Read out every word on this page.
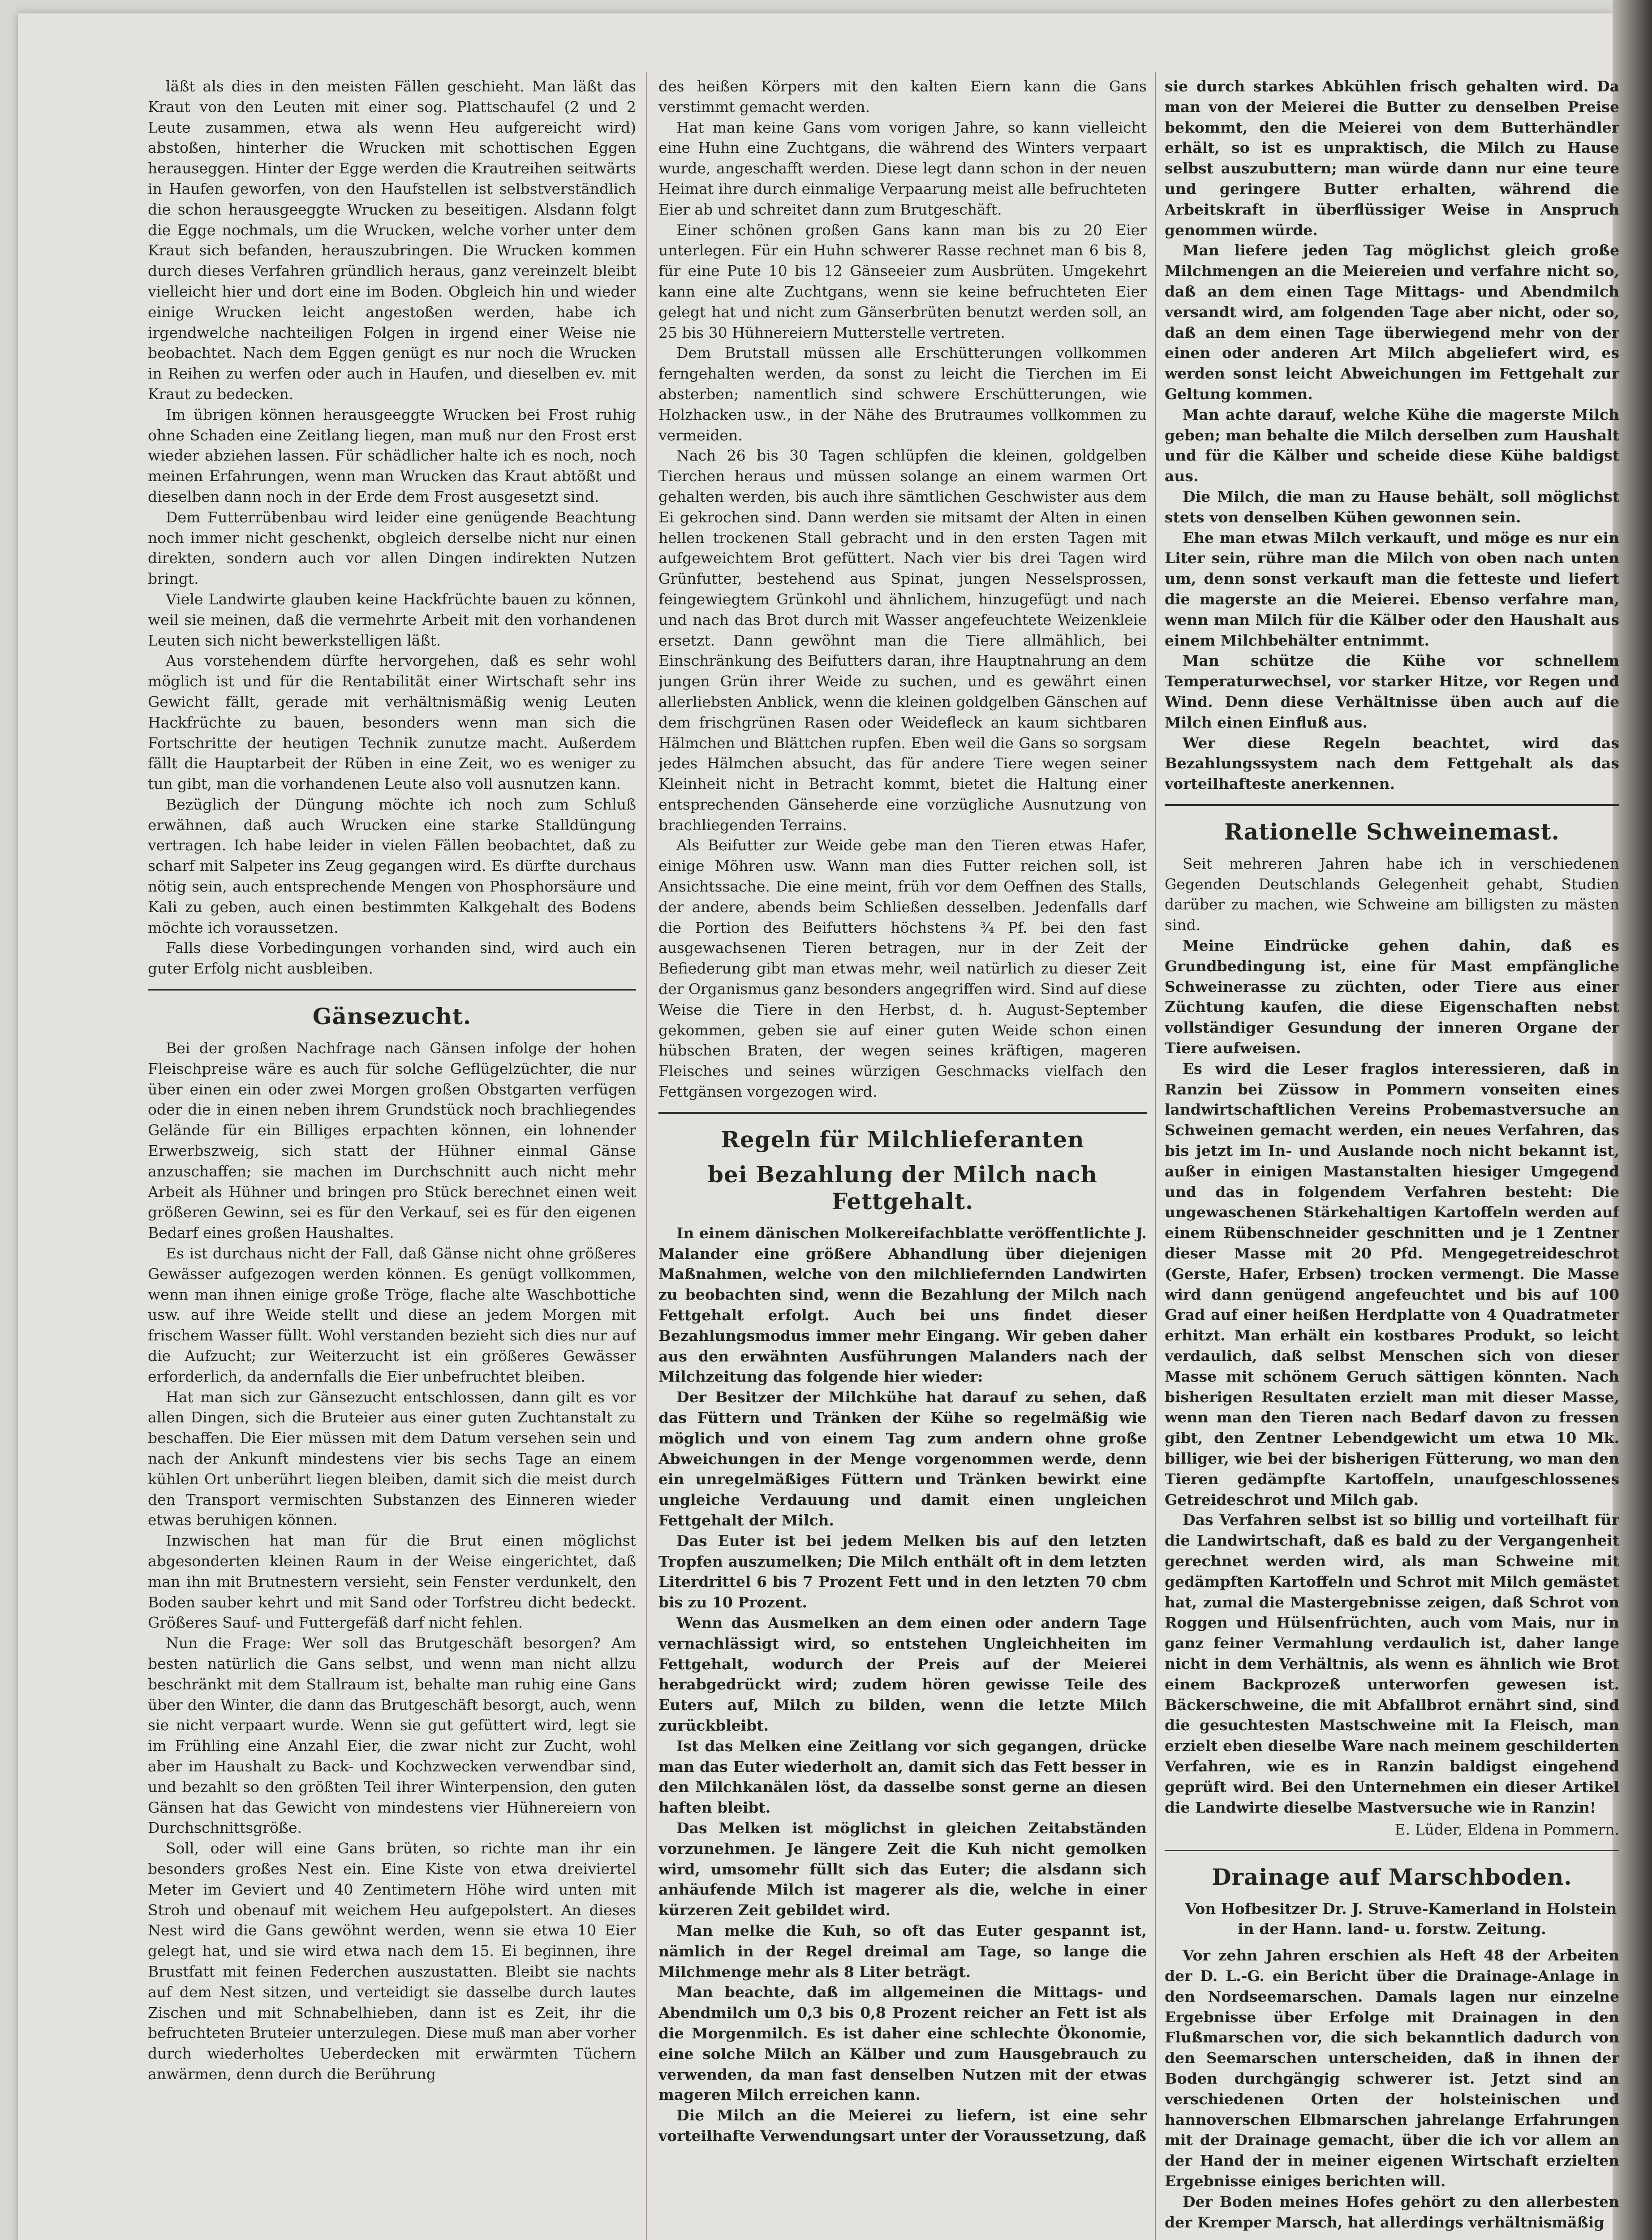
läßt als dies in den meisten Fällen geschieht. Man läßt das Kraut von den Leuten mit einer sog. Plattschaufel (2 und 2 Leute zusammen, etwa als wenn Heu aufgereicht wird) abstoßen, hinterher die Wrucken mit schottischen Eggen herauseggen. Hinter der Egge werden die Krautreihen seitwärts in Haufen geworfen, von den Haufstellen ist selbstverständlich die schon herausgeeggte Wrucken zu beseitigen. Alsdann folgt die Egge nochmals, um die Wrucken, welche vorher unter dem Kraut sich befanden, herauszubringen. Die Wrucken kommen durch dieses Verfahren gründlich heraus, ganz vereinzelt bleibt vielleicht hier und dort eine im Boden. Obgleich hin und wieder einige Wrucken leicht angestoßen werden, habe ich irgendwelche nachteiligen Folgen in irgend einer Weise nie beobachtet. Nach dem Eggen genügt es nur noch die Wrucken in Reihen zu werfen oder auch in Haufen, und dieselben ev. mit Kraut zu bedecken.

Im übrigen können herausgeeggte Wrucken bei Frost ruhig ohne Schaden eine Zeitlang liegen, man muß nur den Frost erst wieder abziehen lassen. Für schädlicher halte ich es noch, noch meinen Erfahrungen, wenn man Wrucken das Kraut abtößt und dieselben dann noch in der Erde dem Frost ausgesetzt sind.

Dem Futterrübenbau wird leider eine genügende Beachtung noch immer nicht geschenkt, obgleich derselbe nicht nur einen direkten, sondern auch vor allen Dingen indirekten Nutzen bringt.

Viele Landwirte glauben keine Hackfrüchte bauen zu können, weil sie meinen, daß die vermehrte Arbeit mit den vorhandenen Leuten sich nicht bewerkstelligen läßt.

Aus vorstehendem dürfte hervorgehen, daß es sehr wohl möglich ist und für die Rentabilität einer Wirtschaft sehr ins Gewicht fällt, gerade mit verhältnismäßig wenig Leuten Hackfrüchte zu bauen, besonders wenn man sich die Fortschritte der heutigen Technik zunutze macht. Außerdem fällt die Hauptarbeit der Rüben in eine Zeit, wo es weniger zu tun gibt, man die vorhandenen Leute also voll ausnutzen kann.

Bezüglich der Düngung möchte ich noch zum Schluß erwähnen, daß auch Wrucken eine starke Stalldüngung vertragen. Ich habe leider in vielen Fällen beobachtet, daß zu scharf mit Salpeter ins Zeug gegangen wird. Es dürfte durchaus nötig sein, auch entsprechende Mengen von Phosphorsäure und Kali zu geben, auch einen bestimmten Kalkgehalt des Bodens möchte ich voraussetzen.

Falls diese Vorbedingungen vorhanden sind, wird auch ein guter Erfolg nicht ausbleiben.

Gänsezucht.

Bei der großen Nachfrage nach Gänsen infolge der hohen Fleischpreise wäre es auch für solche Geflügelzüchter, die nur über einen ein oder zwei Morgen großen Obstgarten verfügen oder die in einen neben ihrem Grundstück noch brachliegendes Gelände für ein Billiges erpachten können, ein lohnender Erwerbszweig, sich statt der Hühner einmal Gänse anzuschaffen; sie machen im Durchschnitt auch nicht mehr Arbeit als Hühner und bringen pro Stück berechnet einen weit größeren Gewinn, sei es für den Verkauf, sei es für den eigenen Bedarf eines großen Haushaltes.

Es ist durchaus nicht der Fall, daß Gänse nicht ohne größeres Gewässer aufgezogen werden können. Es genügt vollkommen, wenn man ihnen einige große Tröge, flache alte Waschbottiche usw. auf ihre Weide stellt und diese an jedem Morgen mit frischem Wasser füllt. Wohl verstanden bezieht sich dies nur auf die Aufzucht; zur Weiterzucht ist ein größeres Gewässer erforderlich, da andernfalls die Eier unbefruchtet bleiben.

Hat man sich zur Gänsezucht entschlossen, dann gilt es vor allen Dingen, sich die Bruteier aus einer guten Zuchtanstalt zu beschaffen. Die Eier müssen mit dem Datum versehen sein und nach der Ankunft mindestens vier bis sechs Tage an einem kühlen Ort unberührt liegen bleiben, damit sich die meist durch den Transport vermischten Substanzen des Einneren wieder etwas beruhigen können.

Inzwischen hat man für die Brut einen möglichst abgesonderten kleinen Raum in der Weise eingerichtet, daß man ihn mit Brutnestern versieht, sein Fenster verdunkelt, den Boden sauber kehrt und mit Sand oder Torfstreu dicht bedeckt. Größeres Sauf- und Futtergefäß darf nicht fehlen.

Nun die Frage: Wer soll das Brutgeschäft besorgen? Am besten natürlich die Gans selbst, und wenn man nicht allzu beschränkt mit dem Stallraum ist, behalte man ruhig eine Gans über den Winter, die dann das Brutgeschäft besorgt, auch, wenn sie nicht verpaart wurde. Wenn sie gut gefüttert wird, legt sie im Frühling eine Anzahl Eier, die zwar nicht zur Zucht, wohl aber im Haushalt zu Back- und Kochzwecken verwendbar sind, und bezahlt so den größten Teil ihrer Winterpension, den guten Gänsen hat das Gewicht von mindestens vier Hühnereiern von Durchschnittsgröße.

Soll, oder will eine Gans brüten, so richte man ihr ein besonders großes Nest ein. Eine Kiste von etwa dreiviertel Meter im Geviert und 40 Zentimetern Höhe wird unten mit Stroh und obenauf mit weichem Heu aufgepolstert. An dieses Nest wird die Gans gewöhnt werden, wenn sie etwa 10 Eier gelegt hat, und sie wird etwa nach dem 15. Ei beginnen, ihre Brustfatt mit feinen Federchen auszustatten. Bleibt sie nachts auf dem Nest sitzen, und verteidigt sie dasselbe durch lautes Zischen und mit Schnabelhieben, dann ist es Zeit, ihr die befruchteten Bruteier unterzulegen. Diese muß man aber vorher durch wiederholtes Ueberdecken mit erwärmten Tüchern anwärmen, denn durch die Berührung

des heißen Körpers mit den kalten Eiern kann die Gans verstimmt gemacht werden.

Hat man keine Gans vom vorigen Jahre, so kann vielleicht eine Huhn eine Zuchtgans, die während des Winters verpaart wurde, angeschafft werden. Diese legt dann schon in der neuen Heimat ihre durch einmalige Verpaarung meist alle befruchteten Eier ab und schreitet dann zum Brutgeschäft.

Einer schönen großen Gans kann man bis zu 20 Eier unterlegen. Für ein Huhn schwerer Rasse rechnet man 6 bis 8, für eine Pute 10 bis 12 Gänseeier zum Ausbrüten. Umgekehrt kann eine alte Zuchtgans, wenn sie keine befruchteten Eier gelegt hat und nicht zum Gänserbrüten benutzt werden soll, an 25 bis 30 Hühnereiern Mutterstelle vertreten.

Dem Brutstall müssen alle Erschütterungen vollkommen ferngehalten werden, da sonst zu leicht die Tierchen im Ei absterben; namentlich sind schwere Erschütterungen, wie Holzhacken usw., in der Nähe des Brutraumes vollkommen zu vermeiden.

Nach 26 bis 30 Tagen schlüpfen die kleinen, goldgelben Tierchen heraus und müssen solange an einem warmen Ort gehalten werden, bis auch ihre sämtlichen Geschwister aus dem Ei gekrochen sind. Dann werden sie mitsamt der Alten in einen hellen trockenen Stall gebracht und in den ersten Tagen mit aufgeweichtem Brot gefüttert. Nach vier bis drei Tagen wird Grünfutter, bestehend aus Spinat, jungen Nesselsprossen, feingewiegtem Grünkohl und ähnlichem, hinzugefügt und nach und nach das Brot durch mit Wasser angefeuchtete Weizenkleie ersetzt. Dann gewöhnt man die Tiere allmählich, bei Einschränkung des Beifutters daran, ihre Hauptnahrung an dem jungen Grün ihrer Weide zu suchen, und es gewährt einen allerliebsten Anblick, wenn die kleinen goldgelben Gänschen auf dem frischgrünen Rasen oder Weidefleck an kaum sichtbaren Hälmchen und Blättchen rupfen. Eben weil die Gans so sorgsam jedes Hälmchen absucht, das für andere Tiere wegen seiner Kleinheit nicht in Betracht kommt, bietet die Haltung einer entsprechenden Gänseherde eine vorzügliche Ausnutzung von brachliegenden Terrains.

Als Beifutter zur Weide gebe man den Tieren etwas Hafer, einige Möhren usw. Wann man dies Futter reichen soll, ist Ansichtssache. Die eine meint, früh vor dem Oeffnen des Stalls, der andere, abends beim Schließen desselben. Jedenfalls darf die Portion des Beifutters höchstens ¾ Pf. bei den fast ausgewachsenen Tieren betragen, nur in der Zeit der Befiederung gibt man etwas mehr, weil natürlich zu dieser Zeit der Organismus ganz besonders angegriffen wird. Sind auf diese Weise die Tiere in den Herbst, d. h. August-September gekommen, geben sie auf einer guten Weide schon einen hübschen Braten, der wegen seines kräftigen, mageren Fleisches und seines würzigen Geschmacks vielfach den Fettgänsen vorgezogen wird.

Regeln für Milchlieferanten
bei Bezahlung der Milch nach Fettgehalt.

In einem dänischen Molkereifachblatte veröffentlichte J. Malander eine größere Abhandlung über diejenigen Maßnahmen, welche von den milchliefernden Landwirten zu beobachten sind, wenn die Bezahlung der Milch nach Fettgehalt erfolgt. Auch bei uns findet dieser Bezahlungsmodus immer mehr Eingang. Wir geben daher aus den erwähnten Ausführungen Malanders nach der Milchzeitung das folgende hier wieder:

Der Besitzer der Milchkühe hat darauf zu sehen, daß das Füttern und Tränken der Kühe so regelmäßig wie möglich und von einem Tag zum andern ohne große Abweichungen in der Menge vorgenommen werde, denn ein unregelmäßiges Füttern und Tränken bewirkt eine ungleiche Verdauung und damit einen ungleichen Fettgehalt der Milch.

Das Euter ist bei jedem Melken bis auf den letzten Tropfen auszumelken; Die Milch enthält oft in dem letzten Literdrittel 6 bis 7 Prozent Fett und in den letzten 70 cbm bis zu 10 Prozent.

Wenn das Ausmelken an dem einen oder andern Tage vernachlässigt wird, so entstehen Ungleichheiten im Fettgehalt, wodurch der Preis auf der Meierei herabgedrückt wird; zudem hören gewisse Teile des Euters auf, Milch zu bilden, wenn die letzte Milch zurückbleibt.

Ist das Melken eine Zeitlang vor sich gegangen, drücke man das Euter wiederholt an, damit sich das Fett besser in den Milchkanälen löst, da dasselbe sonst gerne an diesen haften bleibt.

Das Melken ist möglichst in gleichen Zeitabständen vorzunehmen. Je längere Zeit die Kuh nicht gemolken wird, umsomehr füllt sich das Euter; die alsdann sich anhäufende Milch ist magerer als die, welche in einer kürzeren Zeit gebildet wird.

Man melke die Kuh, so oft das Euter gespannt ist, nämlich in der Regel dreimal am Tage, so lange die Milchmenge mehr als 8 Liter beträgt.

Man beachte, daß im allgemeinen die Mittags- und Abendmilch um 0,3 bis 0,8 Prozent reicher an Fett ist als die Morgenmilch. Es ist daher eine schlechte Ökonomie, eine solche Milch an Kälber und zum Hausgebrauch zu verwenden, da man fast denselben Nutzen mit der etwas mageren Milch erreichen kann.

Die Milch an die Meierei zu liefern, ist eine sehr vorteilhafte Verwendungsart unter der Voraussetzung, daß

sie durch starkes Abkühlen frisch gehalten wird. Da man von der Meierei die Butter zu denselben Preise bekommt, den die Meierei von dem Butterhändler erhält, so ist es unpraktisch, die Milch zu Hause selbst auszubuttern; man würde dann nur eine teure und geringere Butter erhalten, während die Arbeitskraft in überflüssiger Weise in Anspruch genommen würde.

Man liefere jeden Tag möglichst gleich große Milchmengen an die Meiereien und verfahre nicht so, daß an dem einen Tage Mittags- und Abendmilch versandt wird, am folgenden Tage aber nicht, oder so, daß an dem einen Tage überwiegend mehr von der einen oder anderen Art Milch abgeliefert wird, es werden sonst leicht Abweichungen im Fettgehalt zur Geltung kommen.

Man achte darauf, welche Kühe die magerste Milch geben; man behalte die Milch derselben zum Haushalt und für die Kälber und scheide diese Kühe baldigst aus.

Die Milch, die man zu Hause behält, soll möglichst stets von denselben Kühen gewonnen sein.

Ehe man etwas Milch verkauft, und möge es nur ein Liter sein, rühre man die Milch von oben nach unten um, denn sonst verkauft man die fetteste und liefert die magerste an die Meierei. Ebenso verfahre man, wenn man Milch für die Kälber oder den Haushalt aus einem Milchbehälter entnimmt.

Man schütze die Kühe vor schnellem Temperaturwechsel, vor starker Hitze, vor Regen und Wind. Denn diese Verhältnisse üben auch auf die Milch einen Einfluß aus.

Wer diese Regeln beachtet, wird das Bezahlungssystem nach dem Fettgehalt als das vorteilhafteste anerkennen.

Rationelle Schweinemast.

Seit mehreren Jahren habe ich in verschiedenen Gegenden Deutschlands Gelegenheit gehabt, Studien darüber zu machen, wie Schweine am billigsten zu mästen sind.

Meine Eindrücke gehen dahin, daß es Grundbedingung ist, eine für Mast empfängliche Schweinerasse zu züchten, oder Tiere aus einer Züchtung kaufen, die diese Eigenschaften nebst vollständiger Gesundung der inneren Organe der Tiere aufweisen.

Es wird die Leser fraglos interessieren, daß in Ranzin bei Züssow in Pommern vonseiten eines landwirtschaftlichen Vereins Probemastversuche an Schweinen gemacht werden, ein neues Verfahren, das bis jetzt im In- und Auslande noch nicht bekannt ist, außer in einigen Mastanstalten hiesiger Umgegend und das in folgendem Verfahren besteht: Die ungewaschenen Stärkehaltigen Kartoffeln werden auf einem Rübenschneider geschnitten und je 1 Zentner dieser Masse mit 20 Pfd. Mengegetreideschrot (Gerste, Hafer, Erbsen) trocken vermengt. Die Masse wird dann genügend angefeuchtet und bis auf 100 Grad auf einer heißen Herdplatte von 4 Quadratmeter erhitzt. Man erhält ein kostbares Produkt, so leicht verdaulich, daß selbst Menschen sich von dieser Masse mit schönem Geruch sättigen könnten. Nach bisherigen Resultaten erzielt man mit dieser Masse, wenn man den Tieren nach Bedarf davon zu fressen gibt, den Zentner Lebendgewicht um etwa 10 Mk. billiger, wie bei der bisherigen Fütterung, wo man den Tieren gedämpfte Kartoffeln, unaufgeschlossenes Getreideschrot und Milch gab.

Das Verfahren selbst ist so billig und vorteilhaft für die Landwirtschaft, daß es bald zu der Vergangenheit gerechnet werden wird, als man Schweine mit gedämpften Kartoffeln und Schrot mit Milch gemästet hat, zumal die Mastergebnisse zeigen, daß Schrot von Roggen und Hülsenfrüchten, auch vom Mais, nur in ganz feiner Vermahlung verdaulich ist, daher lange nicht in dem Verhältnis, als wenn es ähnlich wie Brot einem Backprozeß unterworfen gewesen ist. Bäckerschweine, die mit Abfallbrot ernährt sind, sind die gesuchtesten Mastschweine mit Ia Fleisch, man erzielt eben dieselbe Ware nach meinem geschilderten Verfahren, wie es in Ranzin baldigst eingehend geprüft wird. Bei den Unternehmen ein dieser Artikel die Landwirte dieselbe Mastversuche wie in Ranzin!

E. Lüder, Eldena in Pommern.

Drainage auf Marschboden.

Von Hofbesitzer Dr. J. Struve-Kamerland in Holstein in der Hann. land- u. forstw. Zeitung.

Vor zehn Jahren erschien als Heft 48 der Arbeiten der D. L.-G. ein Bericht über die Drainage-Anlage in den Nordseemarschen. Damals lagen nur einzelne Ergebnisse über Erfolge mit Drainagen in den Flußmarschen vor, die sich bekanntlich dadurch von den Seemarschen unterscheiden, daß in ihnen der Boden durchgängig schwerer ist. Jetzt sind an verschiedenen Orten der holsteinischen und hannoverschen Elbmarschen jahrelange Erfahrungen mit der Drainage gemacht, über die ich vor allem an der Hand der in meiner eigenen Wirtschaft erzielten Ergebnisse einiges berichten will.

Der Boden meines Hofes gehört zu den allerbesten der Kremper Marsch, hat allerdings verhältnismäßig
